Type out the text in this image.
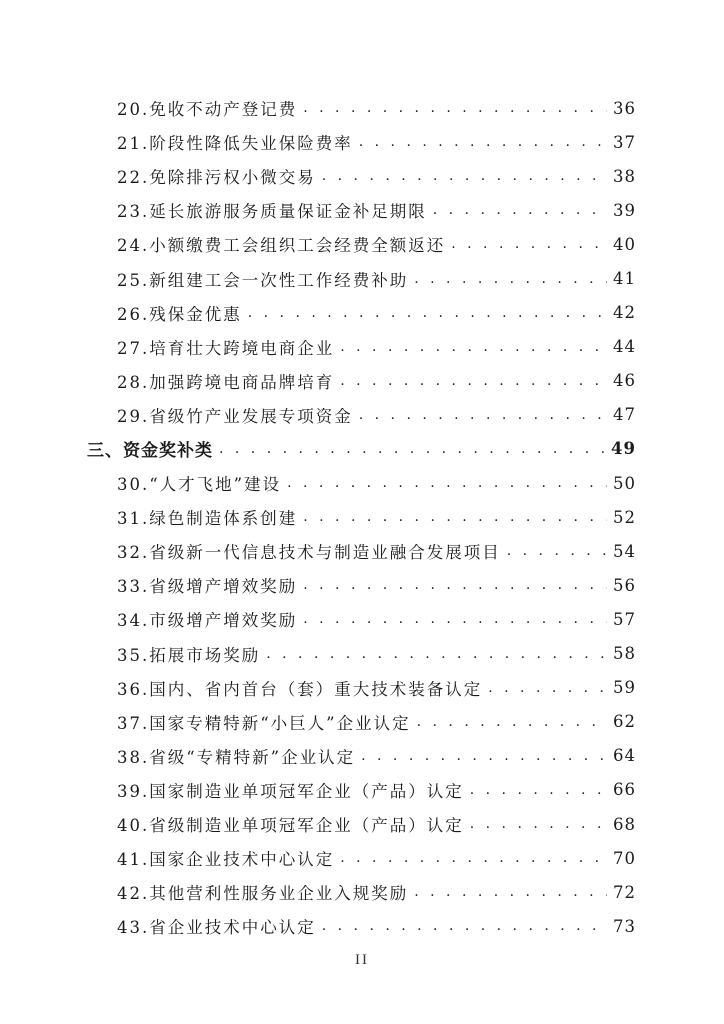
20.免收不动产登记费 . . .	36
21.阶段性降低失业保险费率 . . .	37
22.免除排污权小微交易 . . .	38
23.延长旅游服务质量保证金补足期限 . . .	39
24.小额缴费工会组织工会经费全额返还 . . .	40
25.新组建工会一次性工作经费补助 . . .	41
26.残保金优惠 . . .	42
27.培育壮大跨境电商企业 . . .	44
28.加强跨境电商品牌培育 . . .	46
29.省级竹产业发展专项资金 . . .	47
三、资金奖补类 . . .	49
30.“人才飞地”建设 . . .	50
31.绿色制造体系创建 . . .	52
32.省级新一代信息技术与制造业融合发展项目 . . .	54
33.省级增产增效奖励 . . .	56
34.市级增产增效奖励 . . .	57
35.拓展市场奖励 . . .	58
36.国内、省内首台（套）重大技术装备认定 . . .	59
37.国家专精特新“小巨人”企业认定 . . .	62
38.省级“专精特新”企业认定 . . .	64
39.国家制造业单项冠军企业（产品）认定 . . .	66
40.省级制造业单项冠军企业（产品）认定 . . .	68
41.国家企业技术中心认定 . . .	70
42.其他营利性服务业企业入规奖励 . . .	72
43.省企业技术中心认定 . . .	73
II
